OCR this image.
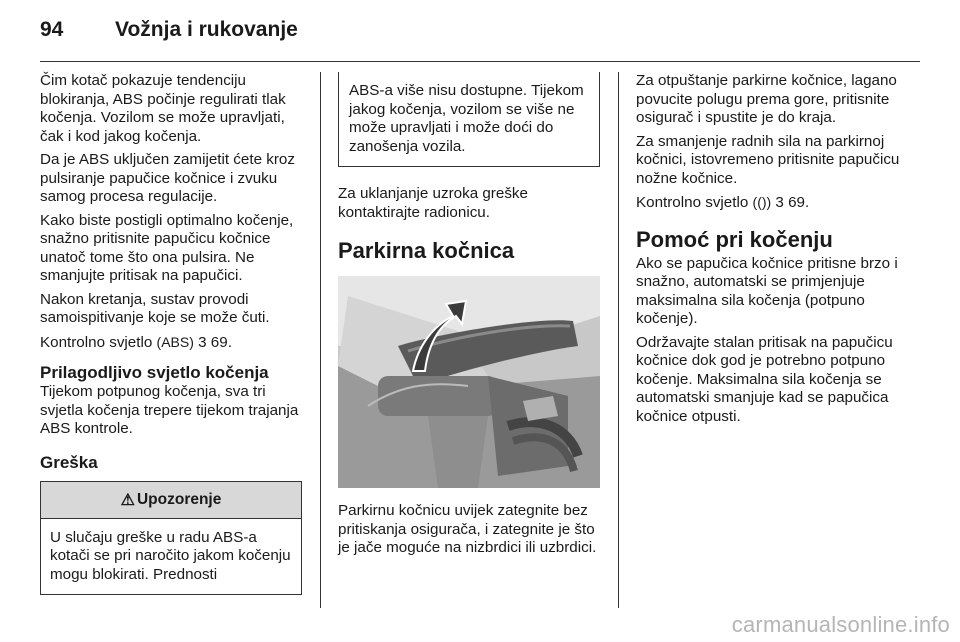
94 Vožnja i rukovanje

Čim kotač pokazuje tendenciju blokiranja, ABS počinje regulirati tlak kočenja. Vozilom se može upravljati, čak i kod jakog kočenja.

Da je ABS uključen zamijetit ćete kroz pulsiranje papučice kočnice i zvuku samog procesa regulacije.

Kako biste postigli optimalno kočenje, snažno pritisnite papučicu kočnice unatoč tome što ona pulsira. Ne smanjujte pritisak na papučici.

Nakon kretanja, sustav provodi samoispitivanje koje se može čuti.

Kontrolno svjetlo (ABS) 3 69.

Prilagodljivo svjetlo kočenja

Tijekom potpunog kočenja, sva tri svjetla kočenja trepere tijekom trajanja ABS kontrole.

Greška
⚠ Upozorenje

U slučaju greške u radu ABS-a kotači se pri naročito jakom kočenju mogu blokirati. Prednosti

ABS-a više nisu dostupne. Tijekom jakog kočenja, vozilom se više ne može upravljati i može doći do zanošenja vozila.

Za uklanjanje uzroka greške kontaktirajte radionicu.

Parkirna kočnica

Parkirnu kočnicu uvijek zategnite bez pritiskanja osigurača, i zategnite je što je jače moguće na nizbrdici ili uzbrdici.

Za otpuštanje parkirne kočnice, lagano povucite polugu prema gore, pritisnite osigurač i spustite je do kraja.

Za smanjenje radnih sila na parkirnoj kočnici, istovremeno pritisnite papučicu nožne kočnice.

Kontrolno svjetlo (()) 3 69.

Pomoć pri kočenju

Ako se papučica kočnice pritisne brzo i snažno, automatski se primjenjuje maksimalna sila kočenja (potpuno kočenje).

Održavajte stalan pritisak na papučicu kočnice dok god je potrebno potpuno kočenje. Maksimalna sila kočenja se automatski smanjuje kad se papučica kočnice otpusti.

carmanualsonline.info
